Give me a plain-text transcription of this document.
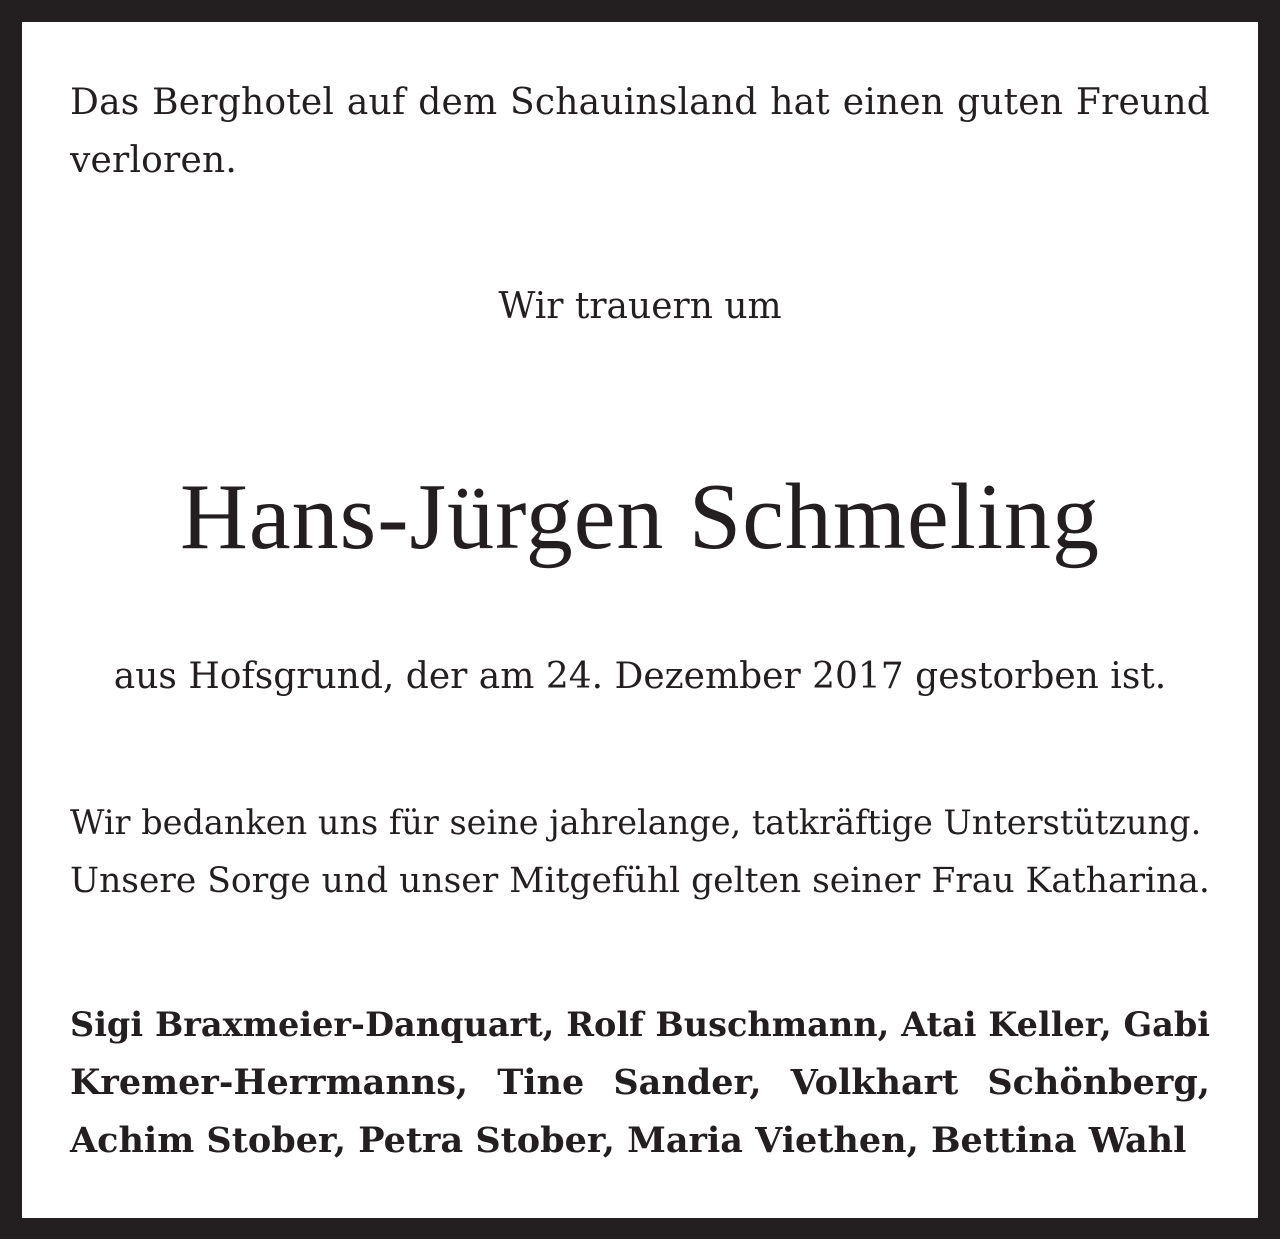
Das Berghotel auf dem Schauinsland hat einen guten Freund

verloren.

Wir trauern um

Hans-Jürgen Schmeling

aus Hofsgrund, der am 24. Dezember 2017 gestorben ist.

Wir bedanken uns für seine jahrelange, tatkräftige Unterstützung.

Unsere Sorge und unser Mitgefühl gelten seiner Frau Katharina.

Sigi Braxmeier-Danquart, Rolf Buschmann, Atai Keller, Gabi

Kremer-Herrmanns, Tine Sander, Volkhart Schönberg,

Achim Stober, Petra Stober, Maria Viethen, Bettina Wahl
